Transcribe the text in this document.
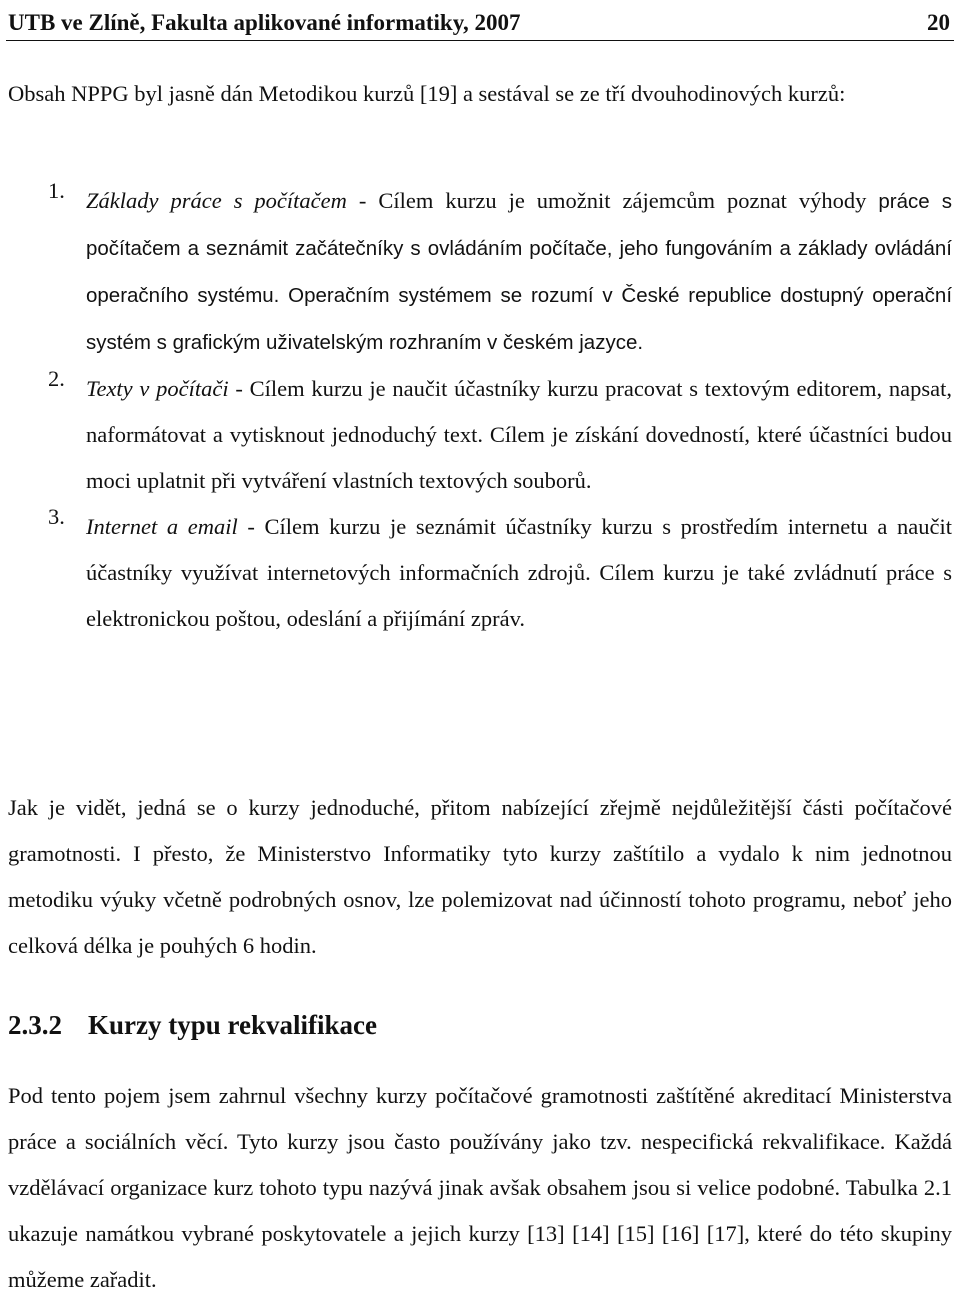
UTB ve Zlíně, Fakulta aplikované informatiky, 2007	20

Obsah NPPG byl jasně dán Metodikou kurzů [19] a sestával se ze tří dvouhodinových kurzů:

1. Základy práce s počítačem - Cílem kurzu je umožnit zájemcům poznat výhody práce s počítačem a seznámit začátečníky s ovládáním počítače, jeho fungováním a základy ovládání operačního systému. Operačním systémem se rozumí v České republice dostupný operační systém s grafickým uživatelským rozhraním v českém jazyce.

2. Texty v počítači - Cílem kurzu je naučit účastníky kurzu pracovat s textovým editorem, napsat, naformátovat a vytisknout jednoduchý text. Cílem je získání dovedností, které účastníci budou moci uplatnit při vytváření vlastních textových souborů.

3. Internet a email - Cílem kurzu je seznámit účastníky kurzu s prostředím internetu a naučit účastníky využívat internetových informačních zdrojů. Cílem kurzu je také zvládnutí práce s elektronickou poštou, odeslání a přijímání zpráv.

Jak je vidět, jedná se o kurzy jednoduché, přitom nabízející zřejmě nejdůležitější části počítačové gramotnosti. I přesto, že Ministerstvo Informatiky tyto kurzy zaštítilo a vydalo k nim jednotnou metodiku výuky včetně podrobných osnov, lze polemizovat nad účinností tohoto programu, neboť jeho celková délka je pouhých 6 hodin.

2.3.2 Kurzy typu rekvalifikace

Pod tento pojem jsem zahrnul všechny kurzy počítačové gramotnosti zaštítěné akreditací Ministerstva práce a sociálních věcí. Tyto kurzy jsou často používány jako tzv. nespecifická rekvalifikace. Každá vzdělávací organizace kurz tohoto typu nazývá jinak avšak obsahem jsou si velice podobné. Tabulka 2.1 ukazuje namátkou vybrané poskytovatele a jejich kurzy [13] [14] [15] [16] [17], které do této skupiny můžeme zařadit.
